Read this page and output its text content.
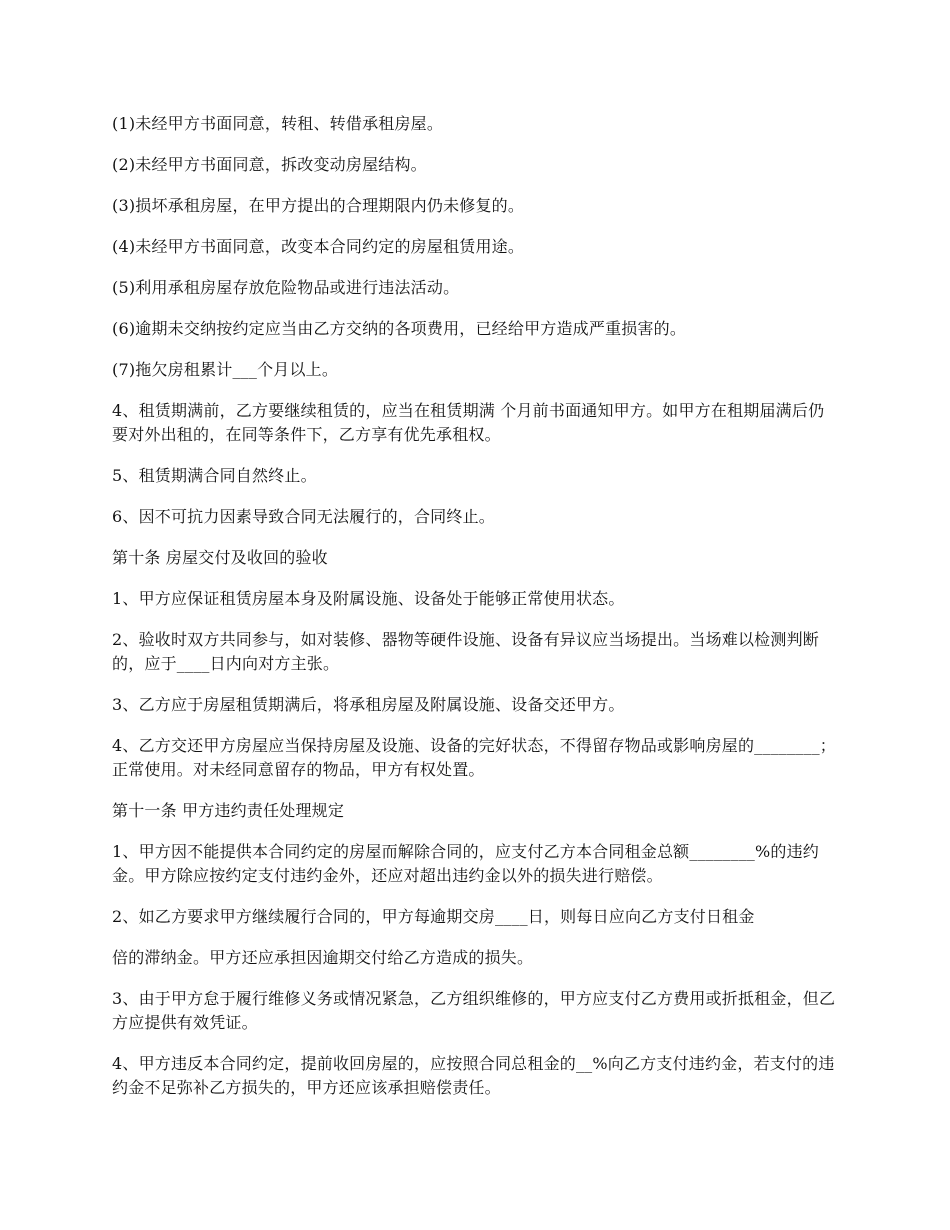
(1)未经甲方书面同意，转租、转借承租房屋。

(2)未经甲方书面同意，拆改变动房屋结构。

(3)损坏承租房屋，在甲方提出的合理期限内仍未修复的。

(4)未经甲方书面同意，改变本合同约定的房屋租赁用途。

(5)利用承租房屋存放危险物品或进行违法活动。

(6)逾期未交纳按约定应当由乙方交纳的各项费用，已经给甲方造成严重损害的。

(7)拖欠房租累计___个月以上。

4、租赁期满前，乙方要继续租赁的，应当在租赁期满 个月前书面通知甲方。如甲方在租期届满后仍要对外出租的，在同等条件下，乙方享有优先承租权。

5、租赁期满合同自然终止。

6、因不可抗力因素导致合同无法履行的，合同终止。

第十条 房屋交付及收回的验收

1、甲方应保证租赁房屋本身及附属设施、设备处于能够正常使用状态。

2、验收时双方共同参与，如对装修、器物等硬件设施、设备有异议应当场提出。当场难以检测判断的，应于____日内向对方主张。

3、乙方应于房屋租赁期满后，将承租房屋及附属设施、设备交还甲方。

4、乙方交还甲方房屋应当保持房屋及设施、设备的完好状态，不得留存物品或影响房屋的________；正常使用。对未经同意留存的物品，甲方有权处置。

第十一条 甲方违约责任处理规定

1、甲方因不能提供本合同约定的房屋而解除合同的，应支付乙方本合同租金总额________%的违约金。甲方除应按约定支付违约金外，还应对超出违约金以外的损失进行赔偿。

2、如乙方要求甲方继续履行合同的，甲方每逾期交房____日，则每日应向乙方支付日租金

倍的滞纳金。甲方还应承担因逾期交付给乙方造成的损失。

3、由于甲方怠于履行维修义务或情况紧急，乙方组织维修的，甲方应支付乙方费用或折抵租金，但乙方应提供有效凭证。

4、甲方违反本合同约定，提前收回房屋的，应按照合同总租金的__%向乙方支付违约金，若支付的违约金不足弥补乙方损失的，甲方还应该承担赔偿责任。
